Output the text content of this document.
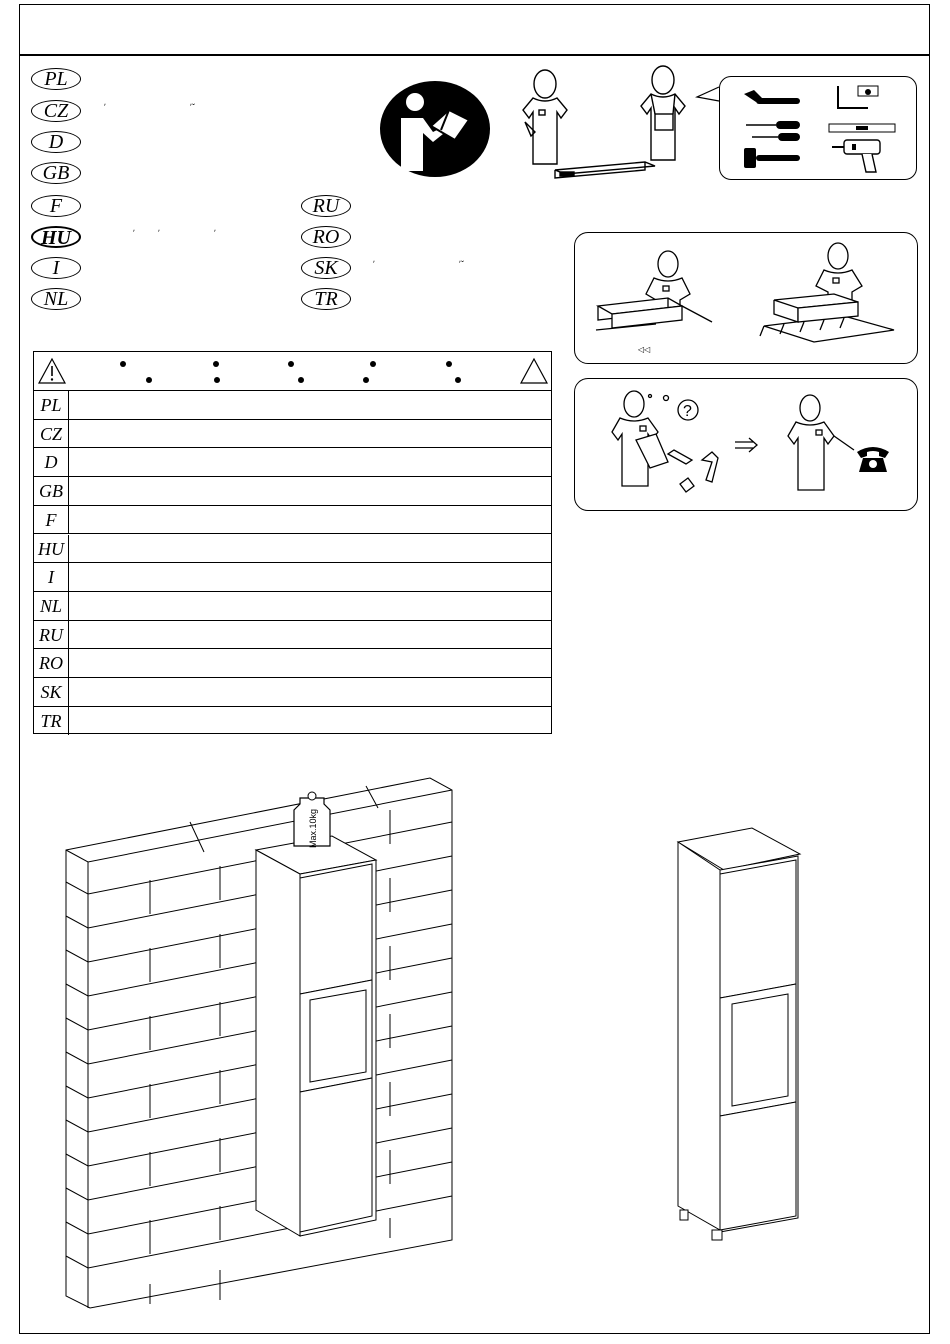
PL
CZ
D
GB
F
HU
I
NL
RU
RO
SK
TR
ʹ	ʹˇ
ʹ	ʹ	ʹ
ʹ	ʹˇ
◁◁
?
PL
CZ
D
GB
F
HU
I
NL
RU
RO
SK
TR
Max.10kg
